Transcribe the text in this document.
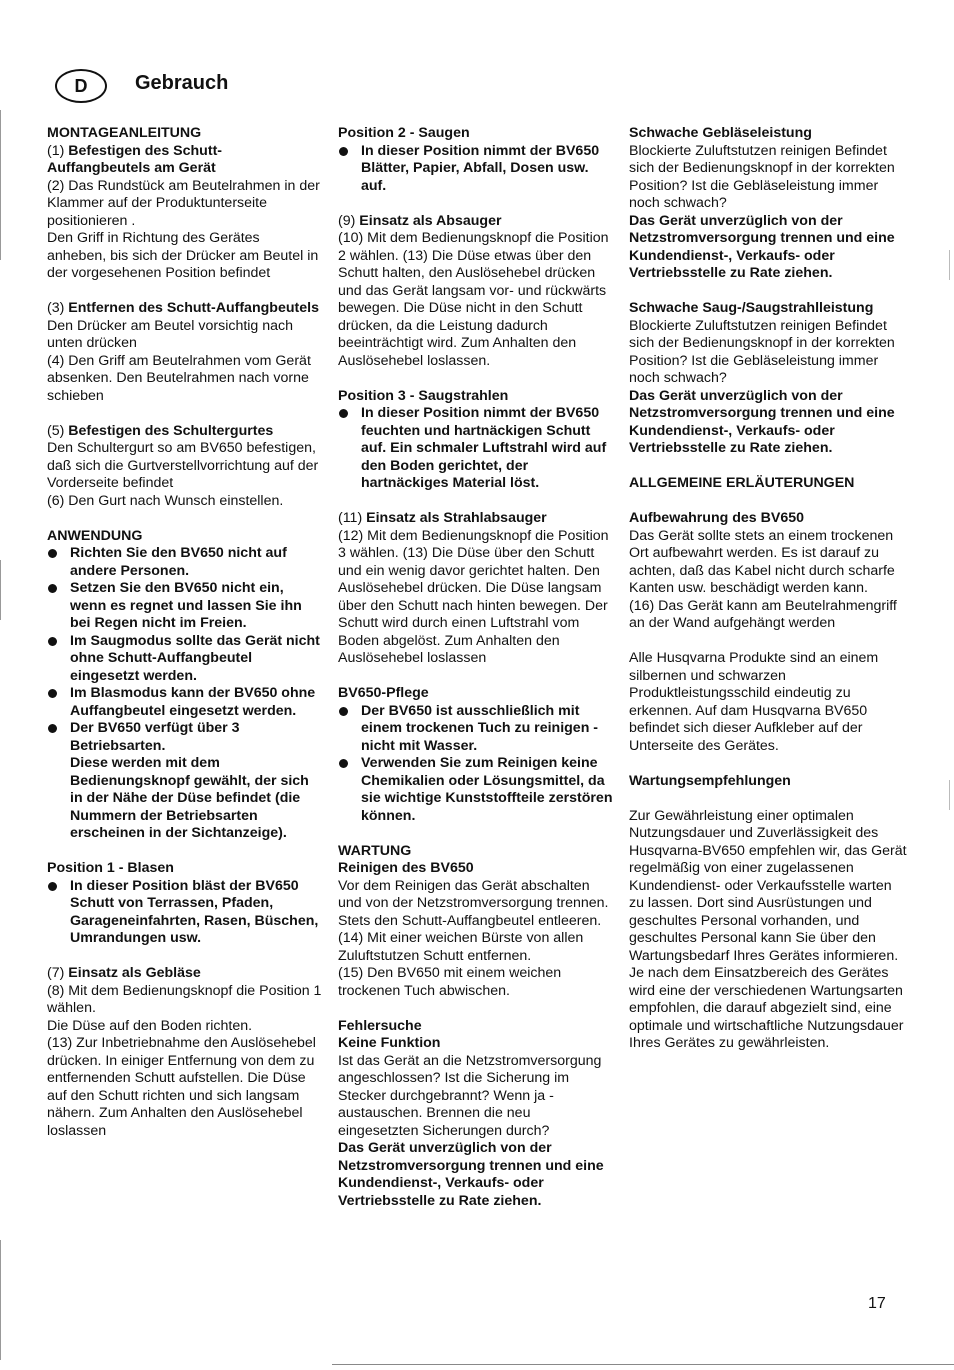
D	Gebrauch

MONTAGEANLEITUNG

(1) Befestigen des Schutt-Auffangbeutels am Gerät

(2) Das Rundstück am Beutelrahmen in der Klammer auf der Produktunterseite positionieren .

Den Griff in Richtung des Gerätes anheben, bis sich der Drücker am Beutel in der vorgesehenen Position befindet

(3) Entfernen des Schutt-Auffangbeutels

Den Drücker am Beutel vorsichtig nach unten drücken

(4) Den Griff am Beutelrahmen vom Gerät absenken. Den Beutelrahmen nach vorne schieben

(5) Befestigen des Schultergurtes

Den Schultergurt so am BV650 befestigen, daß sich die Gurtverstellvorrichtung auf der Vorderseite befindet

(6) Den Gurt nach Wunsch einstellen.

ANWENDUNG

Richten Sie den BV650 nicht auf andere Personen.

Setzen Sie den BV650 nicht ein, wenn es regnet und lassen Sie ihn bei Regen nicht im Freien.

Im Saugmodus sollte das Gerät nicht ohne Schutt-Auffangbeutel eingesetzt werden.

Im Blasmodus kann der BV650 ohne Auffangbeutel eingesetzt werden.

Der BV650 verfügt über 3 Betriebsarten.

Diese werden mit dem Bedienungsknopf gewählt, der sich in der Nähe der Düse befindet (die Nummern der Betriebsarten erscheinen in der Sichtanzeige).

Position 1 - Blasen

In dieser Position bläst der BV650 Schutt von Terrassen, Pfaden, Garageneinfahrten, Rasen, Büschen, Umrandungen usw.

(7) Einsatz als Gebläse

(8) Mit dem Bedienungsknopf die Position 1 wählen.

Die Düse auf den Boden richten.

(13) Zur Inbetriebnahme den Auslösehebel drücken. In einiger Entfernung von dem zu entfernenden Schutt aufstellen. Die Düse auf den Schutt richten und sich langsam nähern. Zum Anhalten den Auslösehebel loslassen

Position 2 - Saugen

In dieser Position nimmt der BV650 Blätter, Papier, Abfall, Dosen usw. auf.

(9) Einsatz als Absauger

(10) Mit dem Bedienungsknopf die Position 2 wählen. (13) Die Düse etwas über den Schutt halten, den Auslösehebel drücken und das Gerät langsam vor- und rückwärts bewegen. Die Düse nicht in den Schutt drücken, da die Leistung dadurch beeinträchtigt wird. Zum Anhalten den Auslösehebel loslassen.

Position 3 - Saugstrahlen

In dieser Position nimmt der BV650 feuchten und hartnäckigen Schutt auf. Ein schmaler Luftstrahl wird auf den Boden gerichtet, der hartnäckiges Material löst.

(11) Einsatz als Strahlabsauger

(12) Mit dem Bedienungsknopf die Position 3 wählen. (13) Die Düse über den Schutt und ein wenig davor gerichtet halten. Den Auslösehebel drücken. Die Düse langsam über den Schutt nach hinten bewegen. Der Schutt wird durch einen Luftstrahl vom Boden abgelöst. Zum Anhalten den Auslösehebel loslassen

BV650-Pflege

Der BV650 ist ausschließlich mit einem trockenen Tuch zu reinigen - nicht mit Wasser.

Verwenden Sie zum Reinigen keine Chemikalien oder Lösungsmittel, da sie wichtige Kunststoffteile zerstören können.

WARTUNG

Reinigen des BV650

Vor dem Reinigen das Gerät abschalten und von der Netzstromversorgung trennen. Stets den Schutt-Auffangbeutel entleeren.

(14) Mit einer weichen Bürste von allen Zuluftstutzen Schutt entfernen.

(15) Den BV650 mit einem weichen trockenen Tuch abwischen.

Fehlersuche

Keine Funktion

Ist das Gerät an die Netzstromversorgung angeschlossen? Ist die Sicherung im Stecker durchgebrannt? Wenn ja - austauschen. Brennen die neu eingesetzten Sicherungen durch?

Das Gerät unverzüglich von der Netzstromversorgung trennen und eine Kundendienst-, Verkaufs- oder Vertriebsstelle zu Rate ziehen.

Schwache Gebläseleistung

Blockierte Zuluftstutzen reinigen Befindet sich der Bedienungsknopf in der korrekten Position? Ist die Gebläseleistung immer noch schwach?

Das Gerät unverzüglich von der Netzstromversorgung trennen und eine Kundendienst-, Verkaufs- oder Vertriebsstelle zu Rate ziehen.

Schwache Saug-/Saugstrahlleistung

Blockierte Zuluftstutzen reinigen Befindet sich der Bedienungsknopf in der korrekten Position? Ist die Gebläseleistung immer noch schwach?

Das Gerät unverzüglich von der Netzstromversorgung trennen und eine Kundendienst-, Verkaufs- oder Vertriebsstelle zu Rate ziehen.

ALLGEMEINE ERLÄUTERUNGEN

Aufbewahrung des BV650

Das Gerät sollte stets an einem trockenen Ort aufbewahrt werden. Es ist darauf zu achten, daß das Kabel nicht durch scharfe Kanten usw. beschädigt werden kann.

(16) Das Gerät kann am Beutelrahmengriff an der Wand aufgehängt werden

Alle Husqvarna Produkte sind an einem silbernen und schwarzen Produktleistungsschild eindeutig zu erkennen. Auf dam Husqvarna BV650 befindet sich dieser Aufkleber auf der Unterseite des Gerätes.

Wartungsempfehlungen

Zur Gewährleistung einer optimalen Nutzungsdauer und Zuverlässigkeit des Husqvarna-BV650 empfehlen wir, das Gerät regelmäßig von einer zugelassenen Kundendienst- oder Verkaufsstelle warten zu lassen. Dort sind Ausrüstungen und geschultes Personal vorhanden, und geschultes Personal kann Sie über den Wartungsbedarf Ihres Gerätes informieren. Je nach dem Einsatzbereich des Gerätes wird eine der verschiedenen Wartungsarten empfohlen, die darauf abgezielt sind, eine optimale und wirtschaftliche Nutzungsdauer Ihres Gerätes zu gewährleisten.

17
